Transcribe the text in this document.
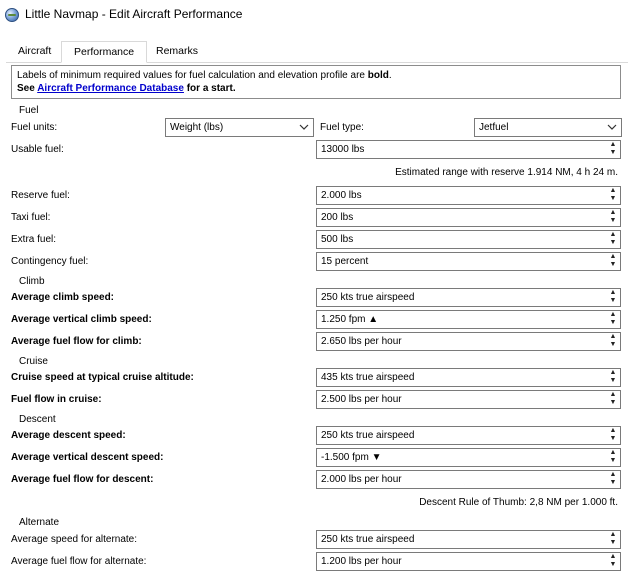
Little Navmap - Edit Aircraft Performance
Aircraft	Performance	Remarks
Labels of minimum required values for fuel calculation and elevation profile are bold.
See Aircraft Performance Database for a start.
Fuel
Fuel units:	Weight (lbs)	Fuel type:	Jetfuel
Usable fuel:	13000 lbs	▲
▼
Estimated range with reserve 1.914 NM, 4 h 24 m.
Reserve fuel:	2.000 lbs	▲
▼
Taxi fuel:	200 lbs	▲
▼
Extra fuel:	500 lbs	▲
▼
Contingency fuel:	15 percent	▲
▼
Climb
Average climb speed:	250 kts true airspeed	▲
▼
Average vertical climb speed:	1.250 fpm ▲	▲
▼
Average fuel flow for climb:	2.650 lbs per hour	▲
▼
Cruise
Cruise speed at typical cruise altitude:	435 kts true airspeed	▲
▼
Fuel flow in cruise:	2.500 lbs per hour	▲
▼
Descent
Average descent speed:	250 kts true airspeed	▲
▼
Average vertical descent speed:	-1.500 fpm ▼	▲
▼
Average fuel flow for descent:	2.000 lbs per hour	▲
▼
Descent Rule of Thumb: 2,8 NM per 1.000 ft.
Alternate
Average speed for alternate:	250 kts true airspeed	▲
▼
Average fuel flow for alternate:	1.200 lbs per hour	▲
▼
